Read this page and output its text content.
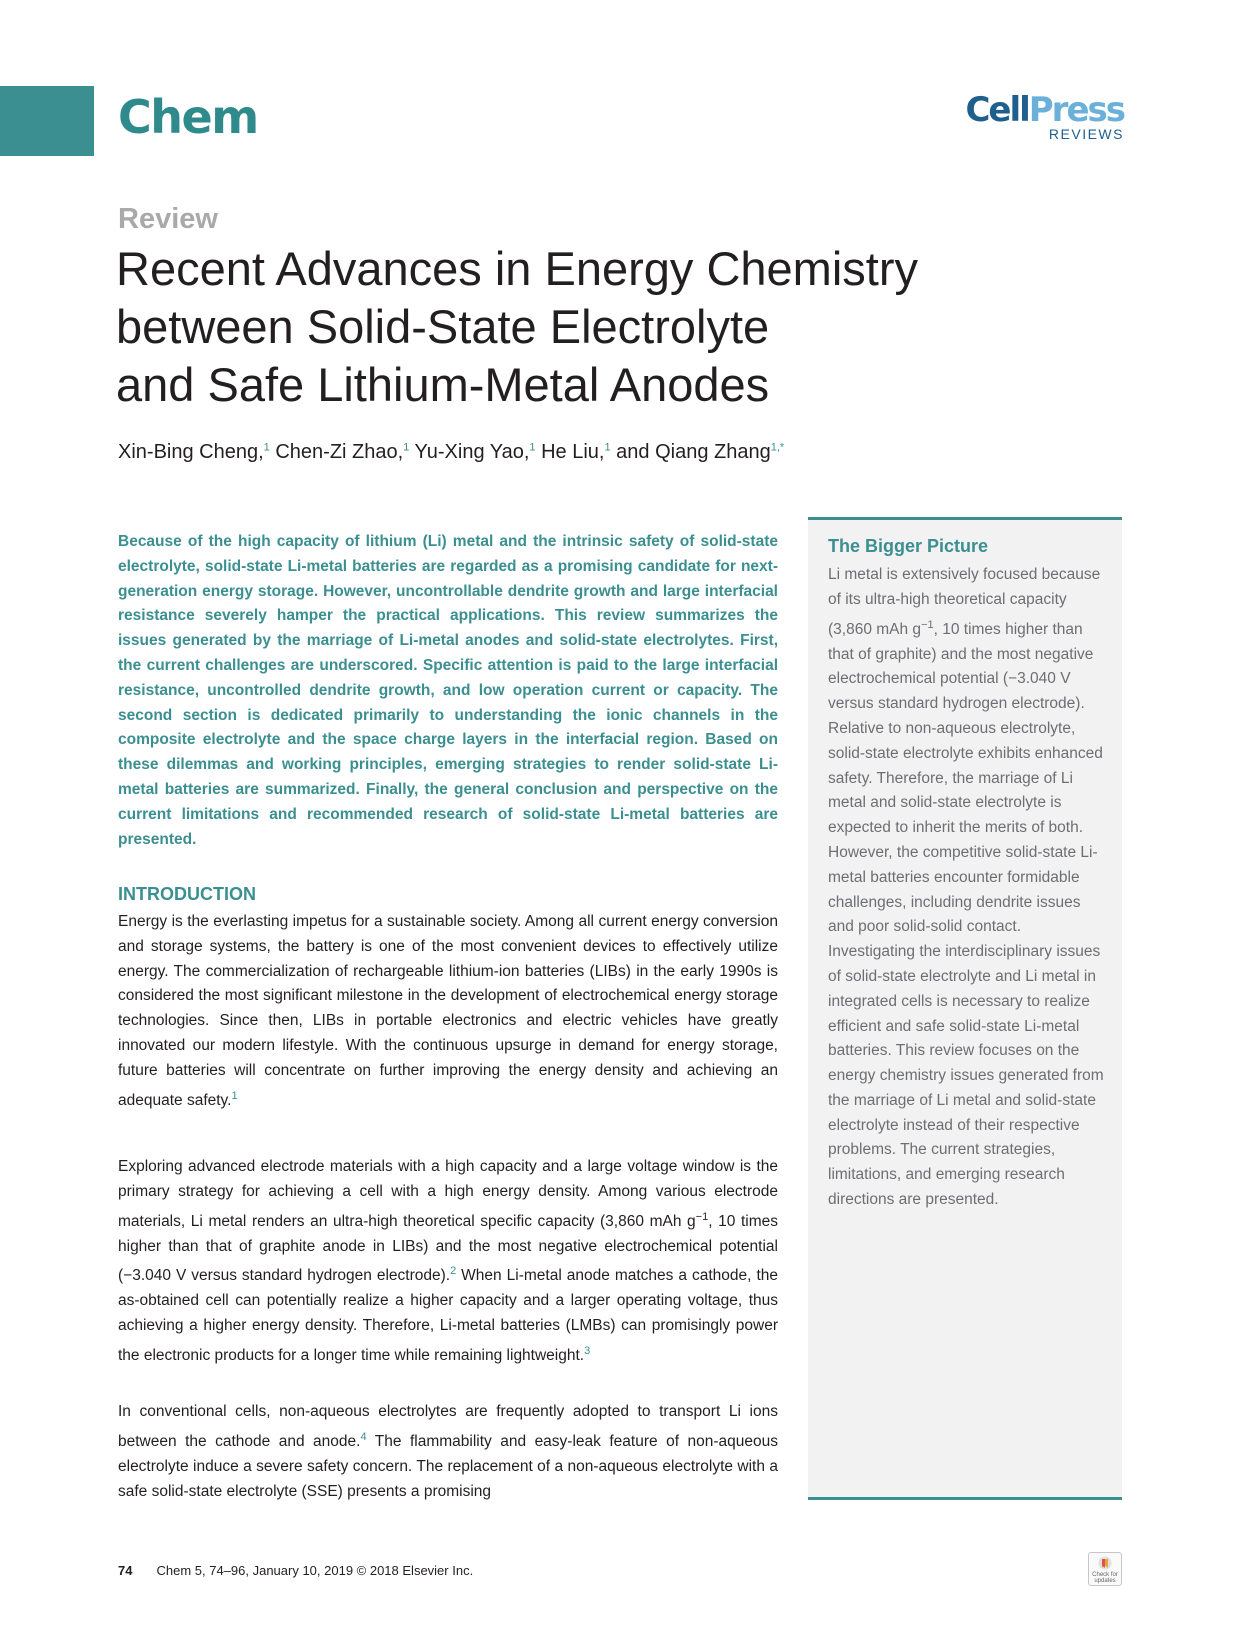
Chem	CellPress
REVIEWS
Review
Recent Advances in Energy Chemistry
between Solid-State Electrolyte
and Safe Lithium-Metal Anodes
Xin-Bing Cheng,$^1$ Chen-Zi Zhao,$^1$ Yu-Xing Yao,$^1$ He Liu,$^1$ and Qiang Zhang$^{1,*}$

Because of the high capacity of lithium (Li) metal and the intrinsic safety of solid-state electrolyte, solid-state Li-metal batteries are regarded as a promising candidate for next-generation energy storage. However, uncontrollable dendrite growth and large interfacial resistance severely hamper the practical applications. This review summarizes the issues generated by the marriage of Li-metal anodes and solid-state electrolytes. First, the current challenges are underscored. Specific attention is paid to the large interfacial resistance, uncontrolled dendrite growth, and low operation current or capacity. The second section is dedicated primarily to understanding the ionic channels in the composite electrolyte and the space charge layers in the interfacial region. Based on these dilemmas and working principles, emerging strategies to render solid-state Li-metal batteries are summarized. Finally, the general conclusion and perspective on the current limitations and recommended research of solid-state Li-metal batteries are presented.

INTRODUCTION

Energy is the everlasting impetus for a sustainable society. Among all current energy conversion and storage systems, the battery is one of the most convenient devices to effectively utilize energy. The commercialization of rechargeable lithium-ion batteries (LIBs) in the early 1990s is considered the most significant milestone in the development of electrochemical energy storage technologies. Since then, LIBs in portable electronics and electric vehicles have greatly innovated our modern lifestyle. With the continuous upsurge in demand for energy storage, future batteries will concentrate on further improving the energy density and achieving an adequate safety.$^1$

Exploring advanced electrode materials with a high capacity and a large voltage window is the primary strategy for achieving a cell with a high energy density. Among various electrode materials, Li metal renders an ultra-high theoretical specific capacity (3,860 mAh $g^{-1}$, 10 times higher than that of graphite anode in LIBs) and the most negative electrochemical potential (−3.040 V versus standard hydrogen electrode).$^2$ When Li-metal anode matches a cathode, the as-obtained cell can potentially realize a higher capacity and a larger operating voltage, thus achieving a higher energy density. Therefore, Li-metal batteries (LMBs) can promisingly power the electronic products for a longer time while remaining lightweight.$^3$

In conventional cells, non-aqueous electrolytes are frequently adopted to transport Li ions between the cathode and anode.$^4$ The flammability and easy-leak feature of non-aqueous electrolyte induce a severe safety concern. The replacement of a non-aqueous electrolyte with a safe solid-state electrolyte (SSE) presents a promising

The Bigger Picture

Li metal is extensively focused because of its ultra-high theoretical capacity (3,860 mAh $g^{-1}$, 10 times higher than that of graphite) and the most negative electrochemical potential (−3.040 V versus standard hydrogen electrode). Relative to non-aqueous electrolyte, solid-state electrolyte exhibits enhanced safety. Therefore, the marriage of Li metal and solid-state electrolyte is expected to inherit the merits of both. However, the competitive solid-state Li-metal batteries encounter formidable challenges, including dendrite issues and poor solid-solid contact. Investigating the interdisciplinary issues of solid-state electrolyte and Li metal in integrated cells is necessary to realize efficient and safe solid-state Li-metal batteries. This review focuses on the energy chemistry issues generated from the marriage of Li metal and solid-state electrolyte instead of their respective problems. The current strategies, limitations, and emerging research directions are presented.

74 Chem 5, 74–96, January 10, 2019 © 2018 Elsevier Inc.	Check for updates
